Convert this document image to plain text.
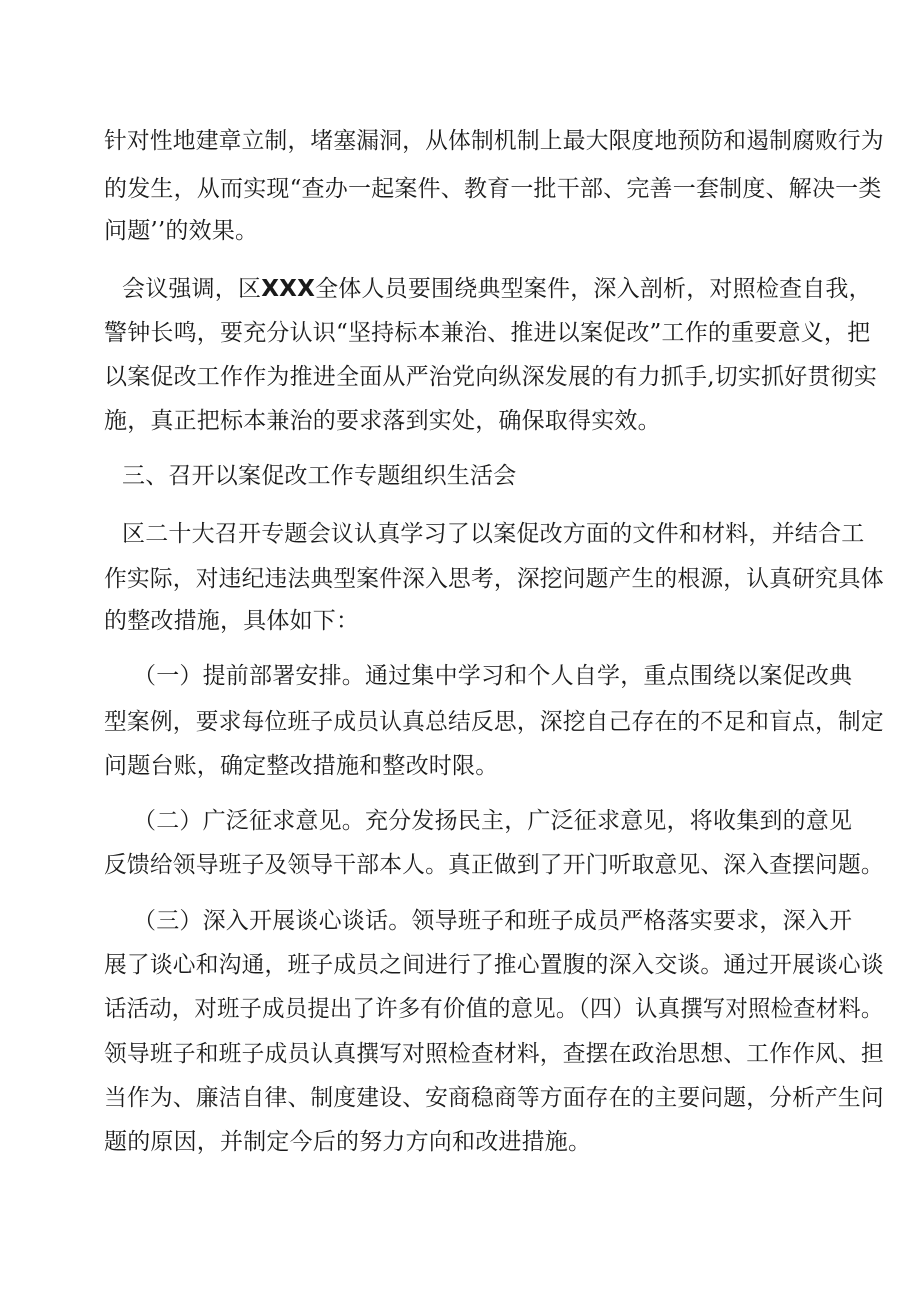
针对性地建章立制，堵塞漏洞，从体制机制上最大限度地预防和遏制腐败行为
的发生，从而实现“查办一起案件、教育一批干部、完善一套制度、解决一类
问题’’的效果。
会议强调，区XXX全体人员要围绕典型案件，深入剖析，对照检查自我，
警钟长鸣，要充分认识“坚持标本兼治、推进以案促改”工作的重要意义，把
以案促改工作作为推进全面从严治党向纵深发展的有力抓手,切实抓好贯彻实
施，真正把标本兼治的要求落到实处，确保取得实效。
三、召开以案促改工作专题组织生活会
区二十大召开专题会议认真学习了以案促改方面的文件和材料，并结合工
作实际，对违纪违法典型案件深入思考，深挖问题产生的根源，认真研究具体
的整改措施，具体如下：
（一）提前部署安排。通过集中学习和个人自学，重点围绕以案促改典
型案例，要求每位班子成员认真总结反思，深挖自己存在的不足和盲点，制定
问题台账，确定整改措施和整改时限。
（二）广泛征求意见。充分发扬民主，广泛征求意见，将收集到的意见
反馈给领导班子及领导干部本人。真正做到了开门听取意见、深入查摆问题。
（三）深入开展谈心谈话。领导班子和班子成员严格落实要求，深入开
展了谈心和沟通，班子成员之间进行了推心置腹的深入交谈。通过开展谈心谈
话活动，对班子成员提出了许多有价值的意见。（四）认真撰写对照检查材料。
领导班子和班子成员认真撰写对照检查材料，查摆在政治思想、工作作风、担
当作为、廉洁自律、制度建设、安商稳商等方面存在的主要问题，分析产生问
题的原因，并制定今后的努力方向和改进措施。
